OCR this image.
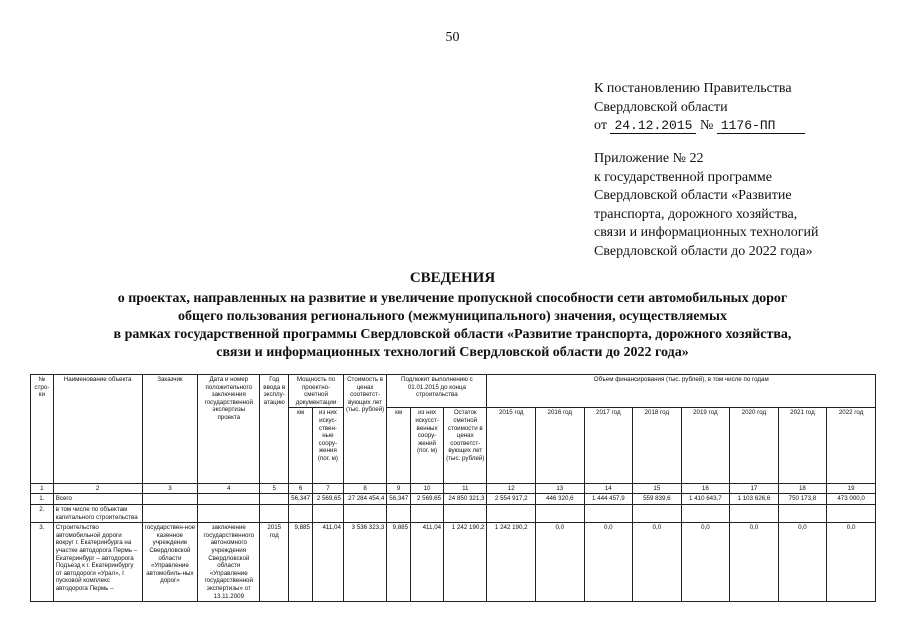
50
К постановлению Правительства
Свердловской области
от 24.12.2015 № 1176-ПП
Приложение № 22
к государственной программе
Свердловской области «Развитие
транспорта, дорожного хозяйства,
связи и информационных технологий
Свердловской области до 2022 года»
СВЕДЕНИЯ
о проектах, направленных на развитие и увеличение пропускной способности сети автомобильных дорог
общего пользования регионального (межмуниципального) значения, осуществляемых
в рамках государственной программы Свердловской области «Развитие транспорта, дорожного хозяйства,
связи и информационных технологий Свердловской области до 2022 года»
№ стро-ки	Наименование объекта	Заказчик	Дата и номер положительного заключения государственной экспертизы проекта	Год ввода в эксплу-атацию	Мощность по проектно-сметной документации		Стоимость в ценах соответст-вующих лет (тыс. рублей)	Подлежит выполнению с 01.01.2015 до конца строительства			Объем финансирования (тыс. рублей), в том числе по годам							
					км	из них искус-ствен-ные соору-жения (пог. м)		км	из них искусст-венных соору-жений (пог. м)	Остаток сметной стоимости в ценах соответст-вующих лет (тыс. рублей)	2015 год	2016 год	2017 год	2018 год	2019 год	2020 год	2021 год	2022 год
1	2	3	4	5	6	7	8	9	10	11	12	13	14	15	16	17	18	19
1.	Всего				56,347	2 569,65	27 284 454,4	56,347	2 569,65	24 850 321,3	2 554 917,2	446 320,6	1 444 457,9	559 839,6	1 410 643,7	1 103 626,6	750 173,8	473 000,0
2.	в том числе по объектам капитального строительства																	
3.	Строительство автомобильной дороги вокруг г. Екатеринбурга на участке автодорога Пермь – Екатеринбург – автодорога Подъезд к г. Екатеринбургу от автодороги «Урал», I пусковой комплекс автодорога Пермь –	государствен-ное казенное учреждение Свердловской области «Управление автомобиль-ных дорог»	заключение государственного автономного учреждения Свердловской области «Управление государственной экспертизы» от 13.11.2009	2015 год	9,885	411,04	3 536 323,3	9,885	411,04	1 242 190,2	1 242 190,2	0,0	0,0	0,0	0,0	0,0	0,0	0,0
